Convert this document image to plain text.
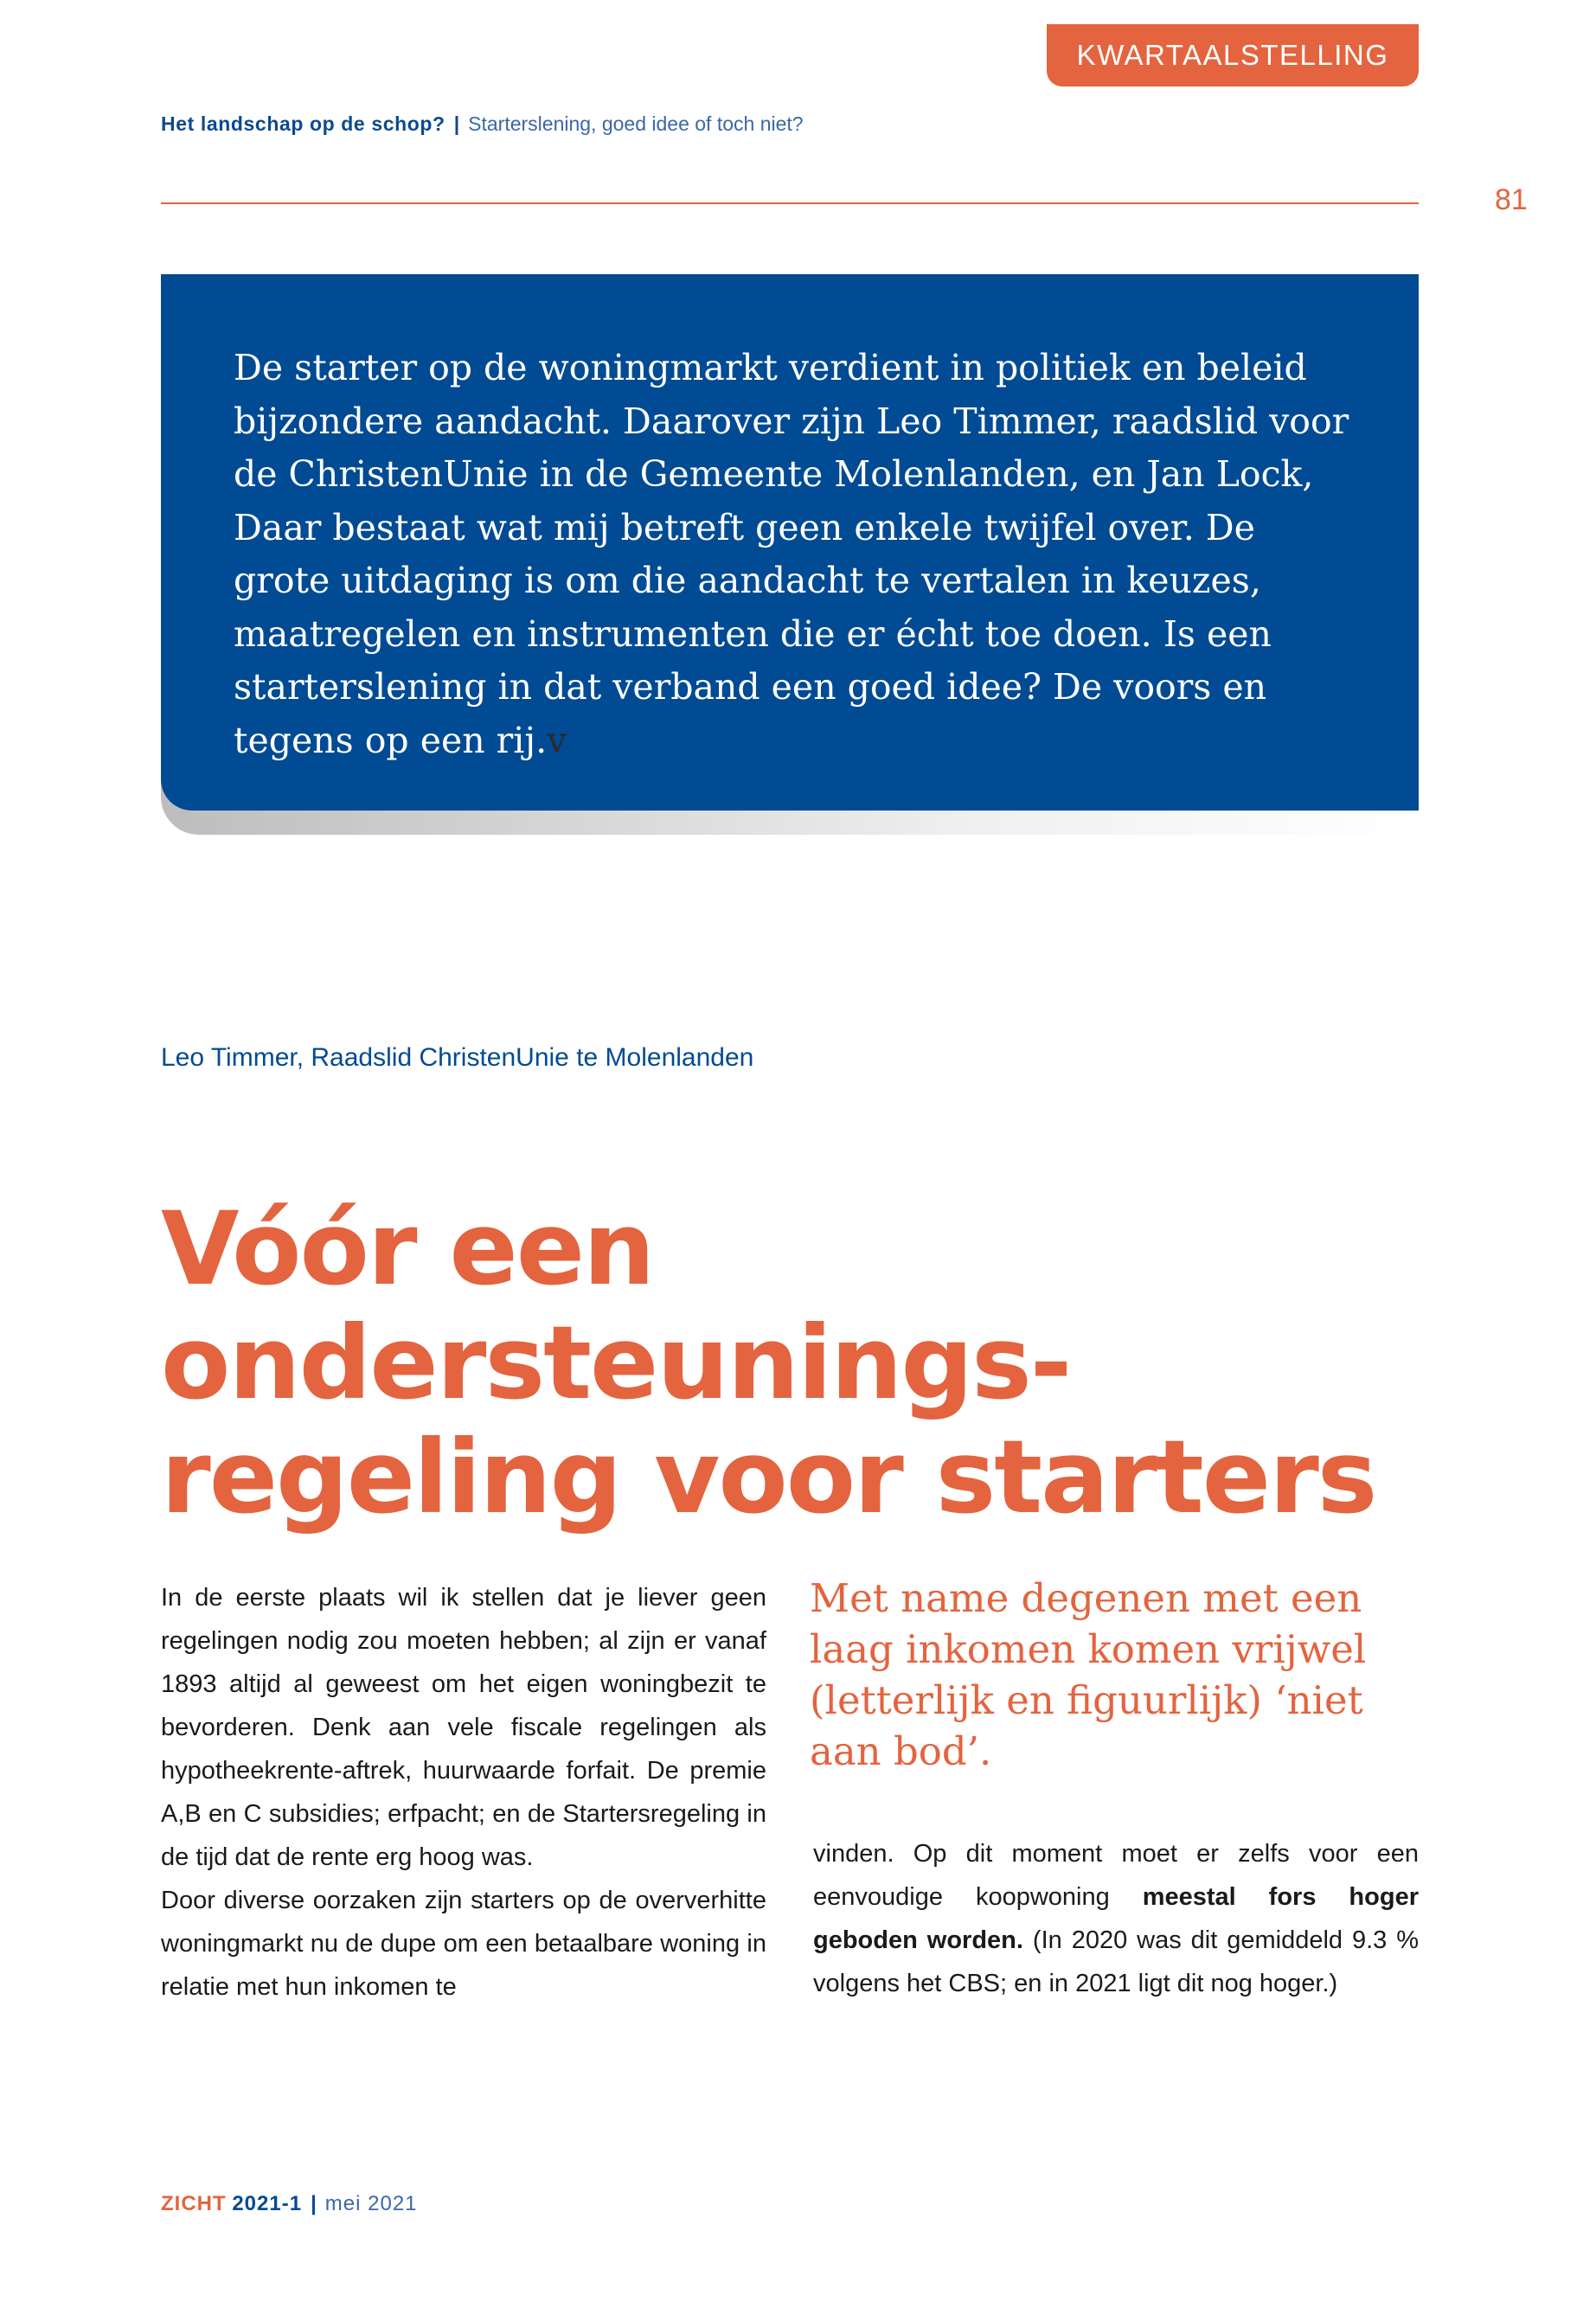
KWARTAALSTELLING
Het landschap op de schop? | Starterslening, goed idee of toch niet?
81

De starter op de woningmarkt verdient in politiek en beleid bijzondere aandacht. Daarover zijn Leo Timmer, raadslid voor de ChristenUnie in de Gemeente Molenlanden, en Jan Lock, Daar bestaat wat mij betreft geen enkele twijfel over. De grote uitdaging is om die aandacht te vertalen in keuzes, maatregelen en instrumenten die er écht toe doen. Is een starterslening in dat verband een goed idee? De voors en tegens op een rij.v

Leo Timmer, Raadslid ChristenUnie te Molenlanden
Vóór een ondersteunings-
regeling voor starters

In de eerste plaats wil ik stellen dat je liever geen regelingen nodig zou moeten hebben; al zijn er vanaf 1893 altijd al geweest om het eigen woningbezit te bevorderen. Denk aan vele fiscale regelingen als hypotheekrente-aftrek, huurwaarde forfait. De premie A,B en C subsidies; erfpacht; en de Startersregeling in de tijd dat de rente erg hoog was.

Door diverse oorzaken zijn starters op de oververhitte woningmarkt nu de dupe om een betaalbare woning in relatie met hun inkomen te

Met name degenen met een laag inkomen komen vrijwel (letterlijk en figuurlijk) ‘niet aan bod’.

vinden. Op dit moment moet er zelfs voor een eenvoudige koopwoning meestal fors hoger geboden worden. (In 2020 was dit gemiddeld 9.3 % volgens het CBS; en in 2021 ligt dit nog hoger.)

ZICHT 2021-1 | mei 2021
